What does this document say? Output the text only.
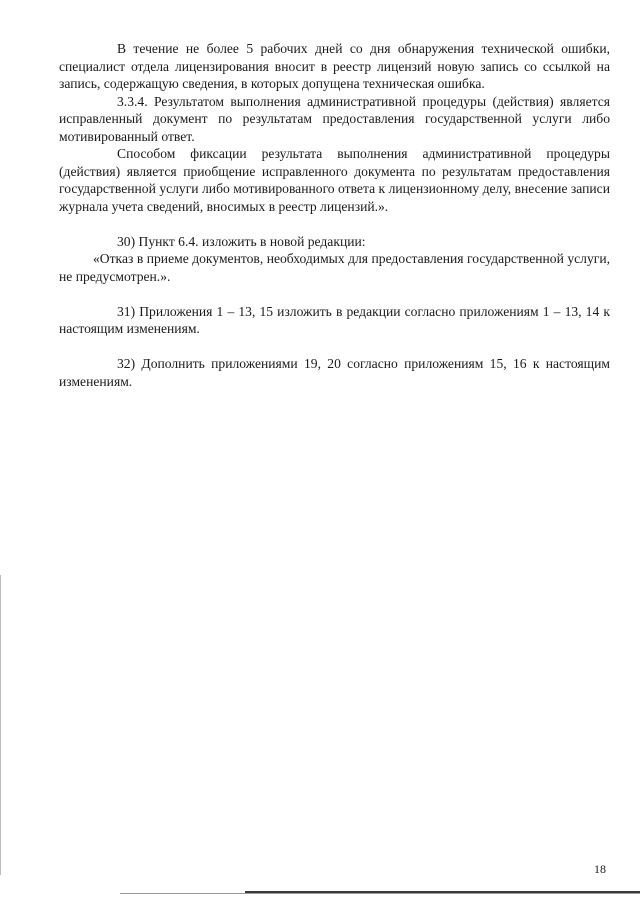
В течение не более 5 рабочих дней со дня обнаружения технической ошибки, специалист отдела лицензирования вносит в реестр лицензий новую запись со ссылкой на запись, содержащую сведения, в которых допущена техническая ошибка.

3.3.4. Результатом выполнения административной процедуры (действия) является исправленный документ по результатам предоставления государственной услуги либо мотивированный ответ.

Способом фиксации результата выполнения административной процедуры (действия) является приобщение исправленного документа по результатам предоставления государственной услуги либо мотивированного ответа к лицензионному делу, внесение записи журнала учета сведений, вносимых в реестр лицензий.».

30) Пункт 6.4. изложить в новой редакции:

«Отказ в приеме документов, необходимых для предоставления государственной услуги, не предусмотрен.».

31) Приложения 1 – 13, 15 изложить в редакции согласно приложениям 1 – 13, 14 к настоящим изменениям.

32) Дополнить приложениями 19, 20 согласно приложениям 15, 16 к настоящим изменениям.

18
